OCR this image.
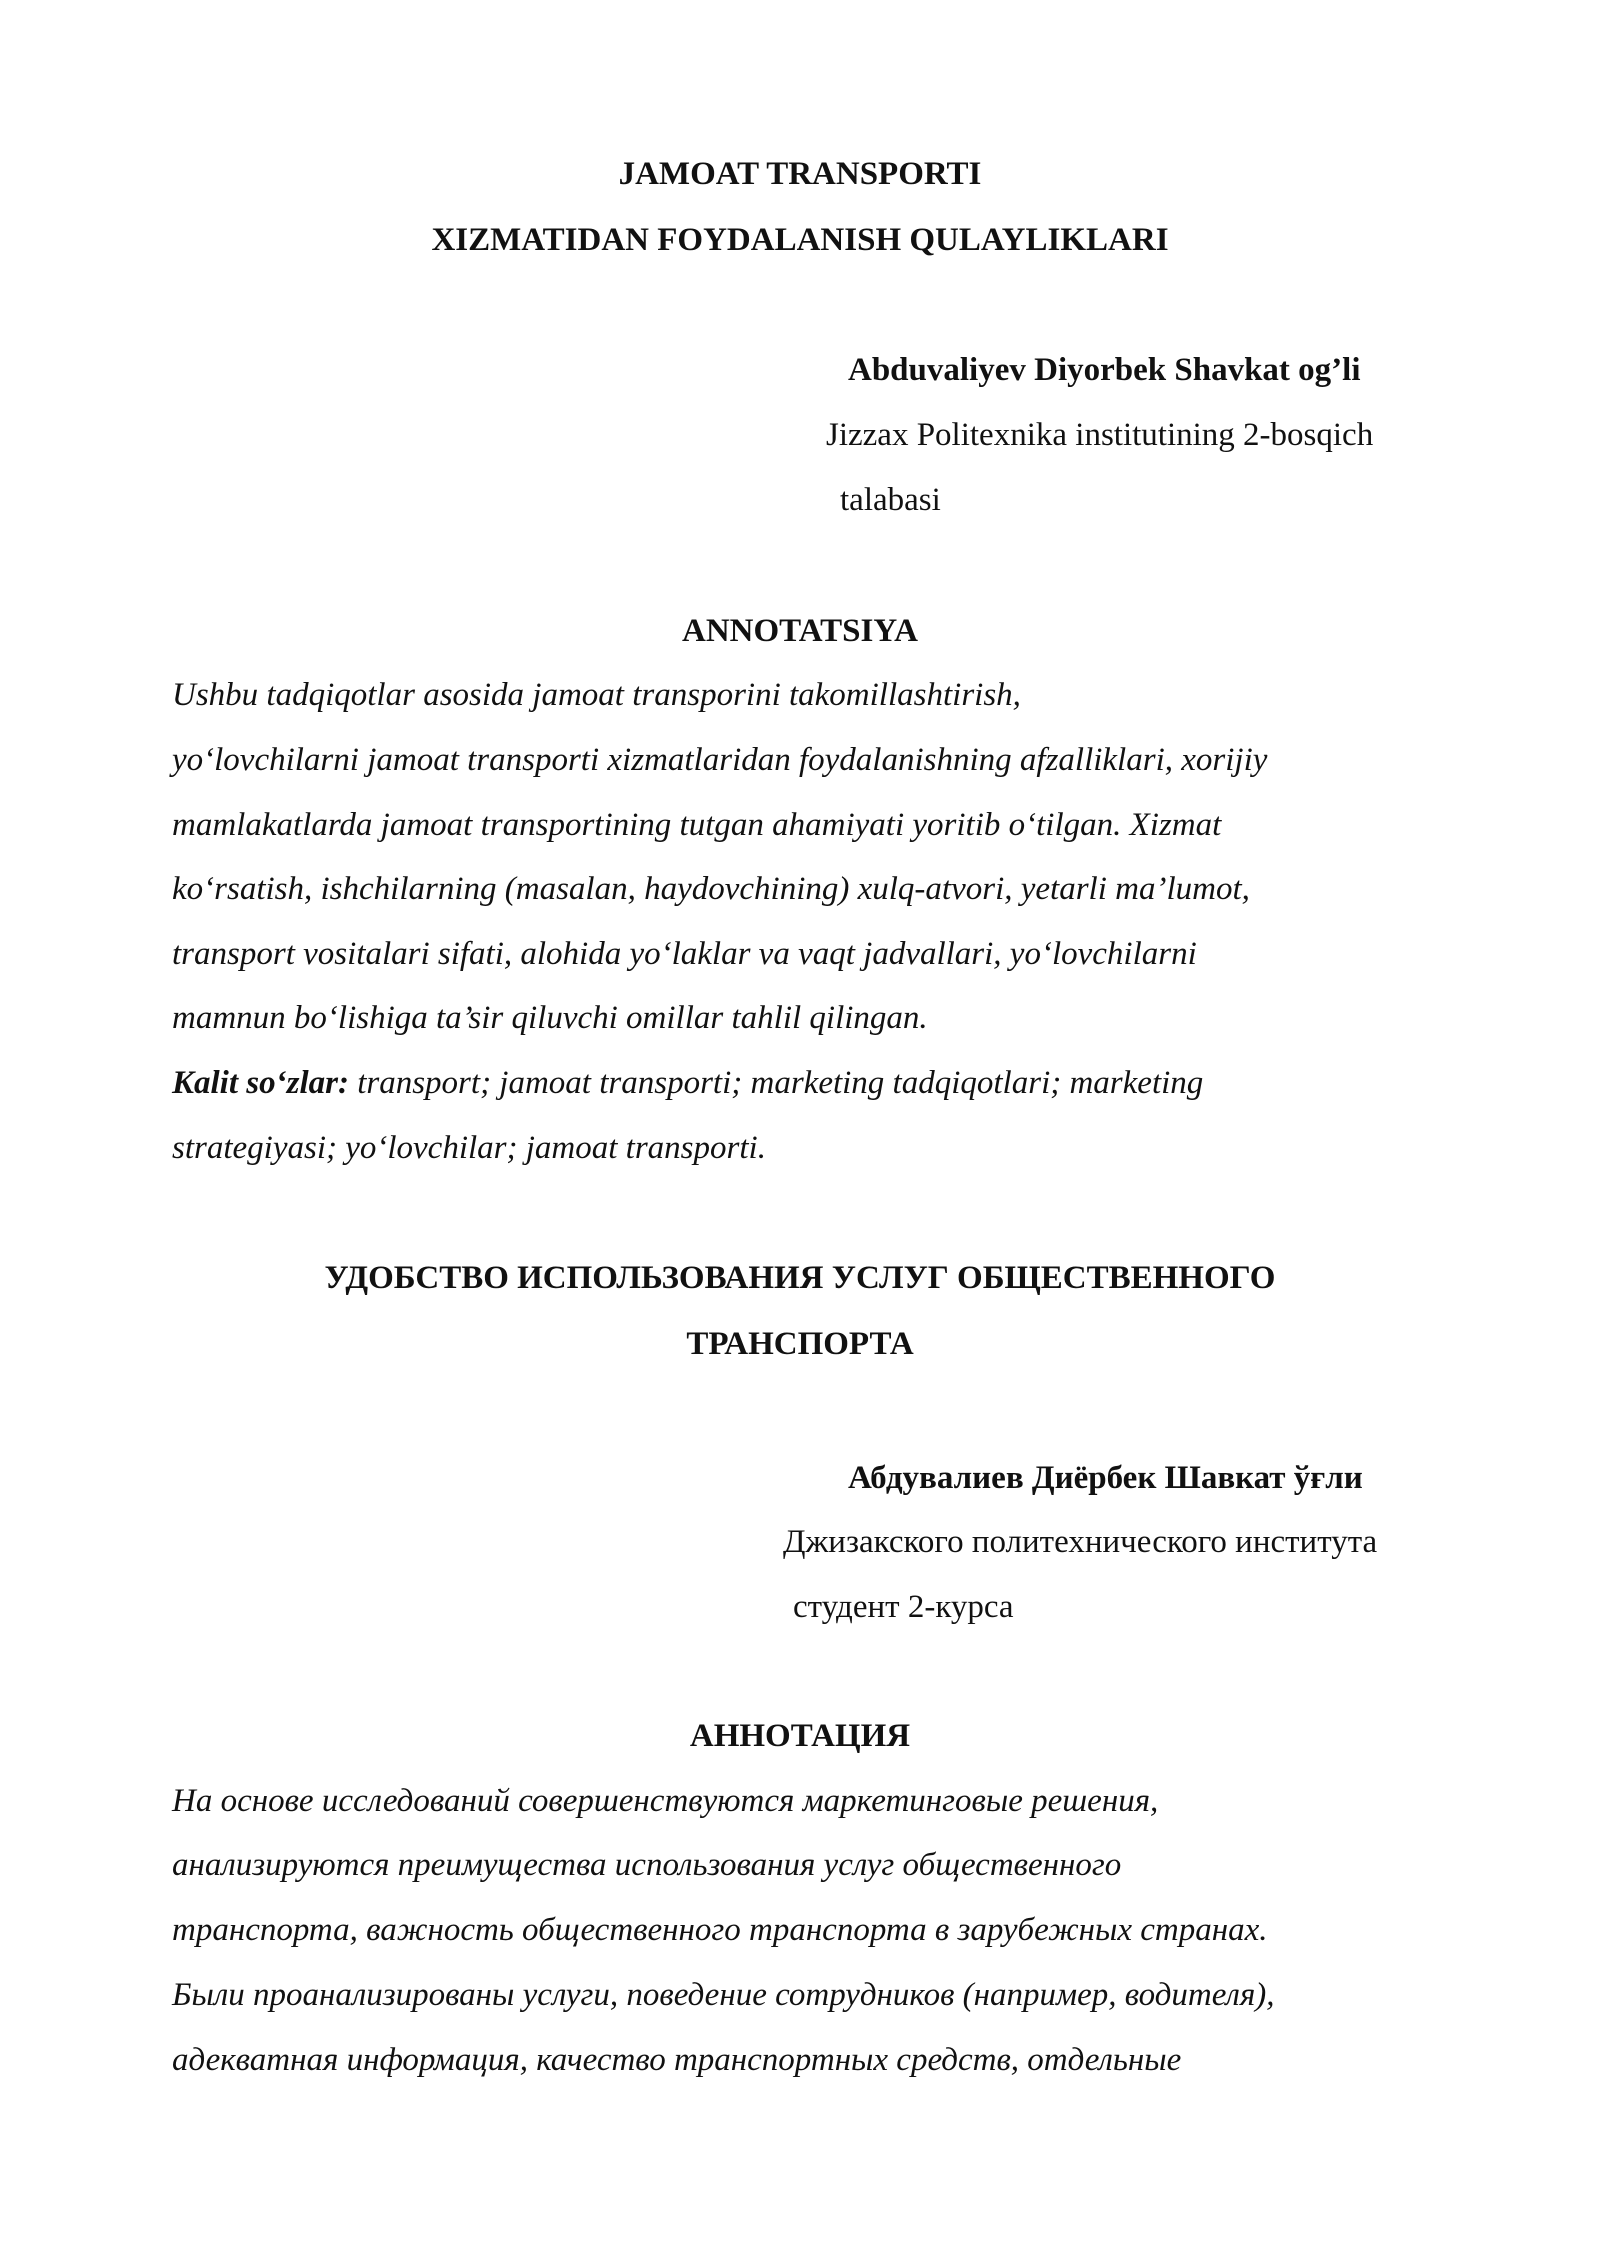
JAMOAT TRANSPORTI
XIZMATIDAN FOYDALANISH QULAYLIKLARI
Abduvaliyev Diyorbek Shavkat og’li
Jizzax Politexnika institutining 2-bosqich
talabasi
ANNOTATSIYA
Ushbu tadqiqotlar asosida jamoat transporini takomillashtirish,
yo‘lovchilarni jamoat transporti xizmatlaridan foydalanishning afzalliklari, xorijiy
mamlakatlarda jamoat transportining tutgan ahamiyati yoritib o‘tilgan. Xizmat
ko‘rsatish, ishchilarning (masalan, haydovchining) xulq-atvori, yetarli ma’lumot,
transport vositalari sifati, alohida yo‘laklar va vaqt jadvallari, yo‘lovchilarni
mamnun bo‘lishiga ta’sir qiluvchi omillar tahlil qilingan.
Kalit so‘zlar: transport; jamoat transporti; marketing tadqiqotlari; marketing
strategiyasi; yo‘lovchilar; jamoat transporti.
УДОБСТВО ИСПОЛЬЗОВАНИЯ УСЛУГ ОБЩЕСТВЕННОГО
ТРАНСПОРТА
Абдувалиев Диёрбек Шавкат ўғли
Джизакского политехнического института
студент 2-курса
АННОТАЦИЯ
На основе исследований совершенствуются маркетинговые решения,
анализируются преимущества использования услуг общественного
транспорта, важность общественного транспорта в зарубежных странах.
Были проанализированы услуги, поведение сотрудников (например, водителя),
адекватная информация, качество транспортных средств, отдельные
